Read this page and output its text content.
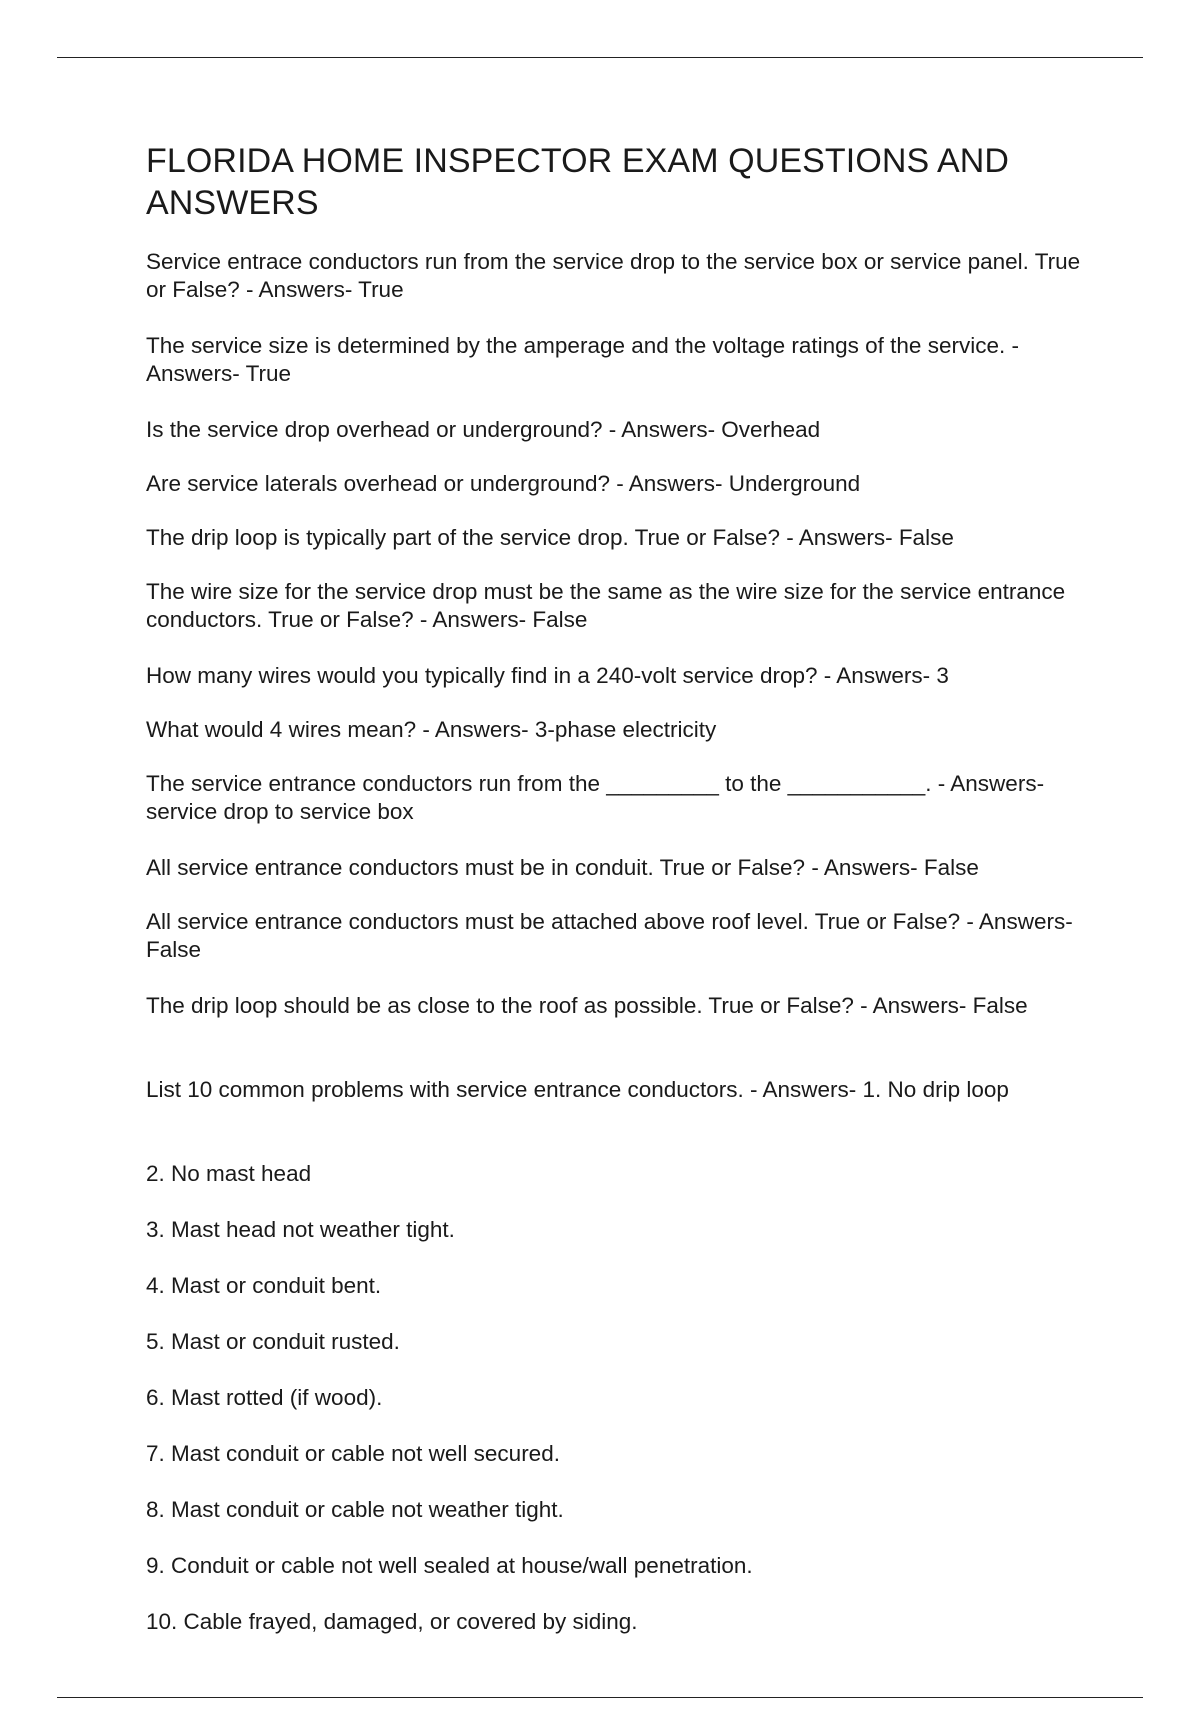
FLORIDA HOME INSPECTOR EXAM QUESTIONS AND ANSWERS

Service entrace conductors run from the service drop to the service box or service panel. True or False? - Answers- True

The service size is determined by the amperage and the voltage ratings of the service. - Answers- True

Is the service drop overhead or underground? - Answers- Overhead

Are service laterals overhead or underground? - Answers- Underground

The drip loop is typically part of the service drop. True or False? - Answers- False

The wire size for the service drop must be the same as the wire size for the service entrance conductors. True or False? - Answers- False

How many wires would you typically find in a 240-volt service drop? - Answers- 3

What would 4 wires mean? - Answers- 3-phase electricity

The service entrance conductors run from the _________ to the ___________. - Answers- service drop to service box

All service entrance conductors must be in conduit. True or False? - Answers- False

All service entrance conductors must be attached above roof level. True or False? - Answers- False

The drip loop should be as close to the roof as possible. True or False? - Answers- False

List 10 common problems with service entrance conductors. - Answers- 1. No drip loop

2. No mast head

3. Mast head not weather tight.

4. Mast or conduit bent.

5. Mast or conduit rusted.

6. Mast rotted (if wood).

7. Mast conduit or cable not well secured.

8. Mast conduit or cable not weather tight.

9. Conduit or cable not well sealed at house/wall penetration.

10. Cable frayed, damaged, or covered by siding.
